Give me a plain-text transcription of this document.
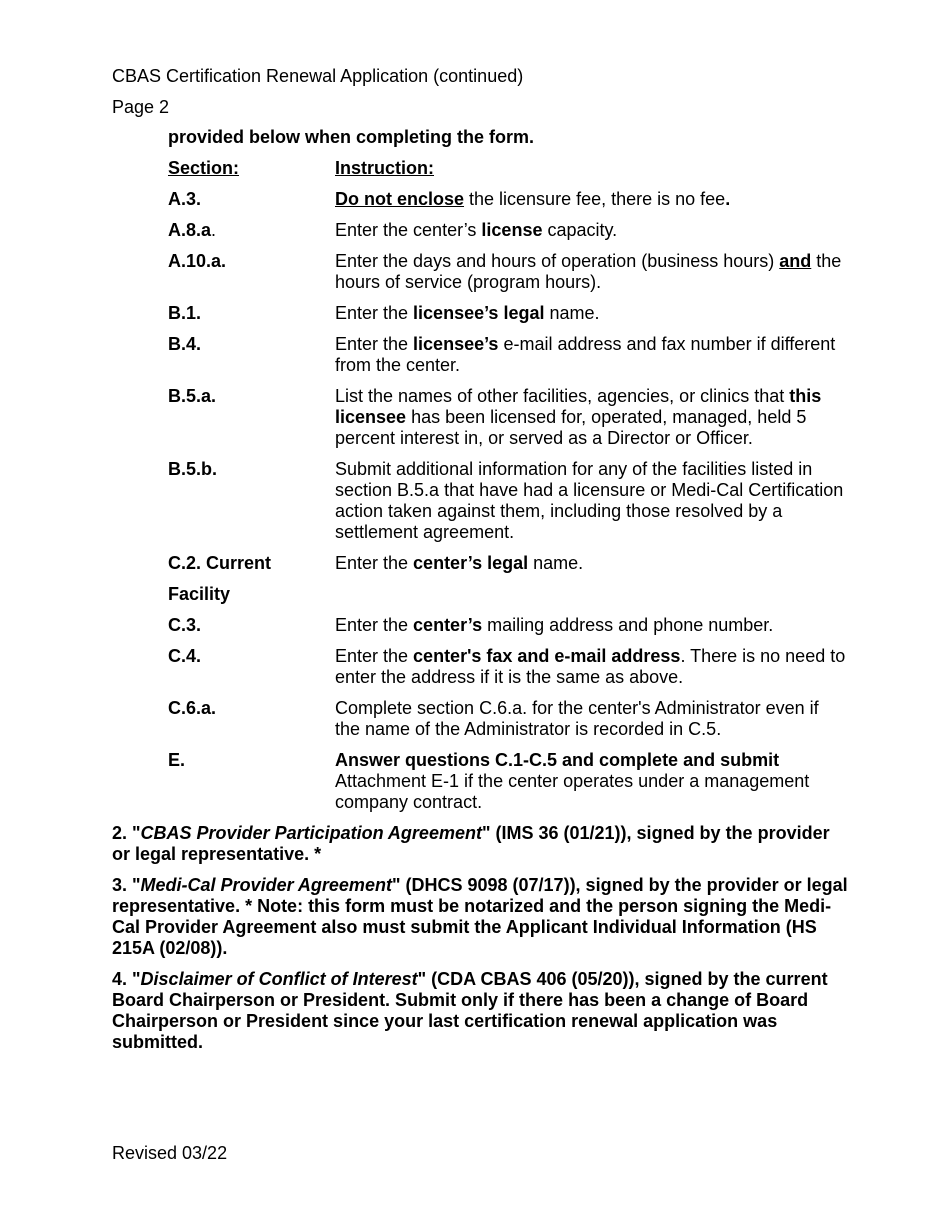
CBAS Certification Renewal Application (continued)
Page 2
provided below when completing the form.
Section:	Instruction:
A.3.	Do not enclose the licensure fee, there is no fee.
A.8.a.	Enter the center’s license capacity.
A.10.a.	Enter the days and hours of operation (business hours) and the hours of service (program hours).
B.1.	Enter the licensee’s legal name.
B.4.	Enter the licensee’s e-mail address and fax number if different from the center.
B.5.a.	List the names of other facilities, agencies, or clinics that this licensee has been licensed for, operated, managed, held 5 percent interest in, or served as a Director or Officer.
B.5.b.	Submit additional information for any of the facilities listed in section B.5.a that have had a licensure or Medi-Cal Certification action taken against them, including those resolved by a settlement agreement.
C.2. Current	Enter the center’s legal name.
Facility
C.3.	Enter the center’s mailing address and phone number.
C.4.	Enter the center's fax and e-mail address. There is no need to enter the address if it is the same as above.
C.6.a.	Complete section C.6.a. for the center's Administrator even if the name of the Administrator is recorded in C.5.
E.	Answer questions C.1-C.5 and complete and submit Attachment E-1 if the center operates under a management company contract.
2. "CBAS Provider Participation Agreement" (IMS 36 (01/21)), signed by the provider or legal representative. *
3. "Medi-Cal Provider Agreement" (DHCS 9098 (07/17)), signed by the provider or legal representative. * Note: this form must be notarized and the person signing the Medi-Cal Provider Agreement also must submit the Applicant Individual Information (HS 215A (02/08)).
4. "Disclaimer of Conflict of Interest" (CDA CBAS 406 (05/20)), signed by the current Board Chairperson or President. Submit only if there has been a change of Board Chairperson or President since your last certification renewal application was submitted.
Revised 03/22
